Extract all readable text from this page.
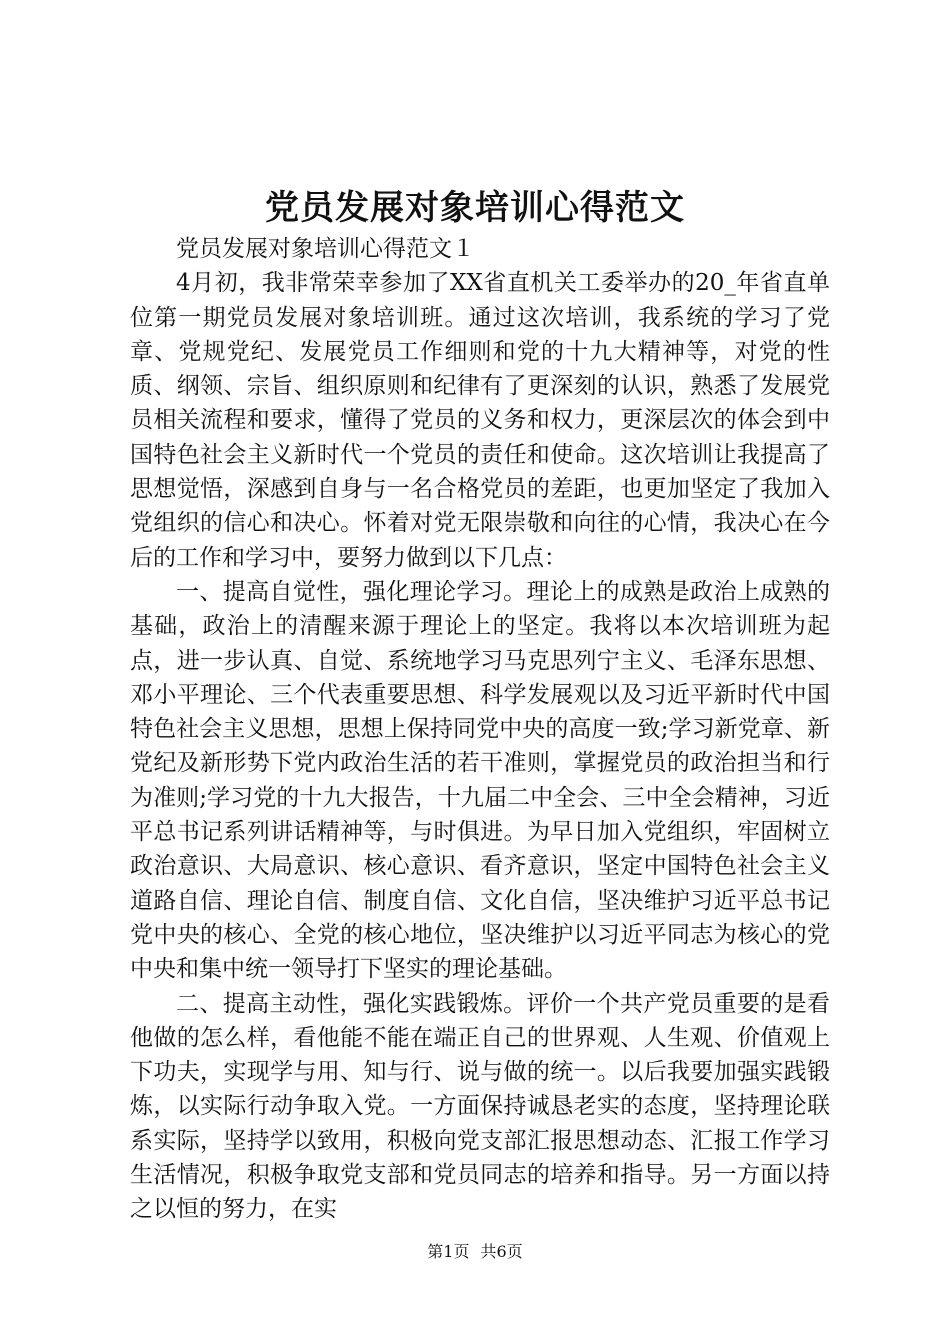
党员发展对象培训心得范文

党员发展对象培训心得范文１

4月初，我非常荣幸参加了XX省直机关工委举办的20_年省直单位第一期党员发展对象培训班。通过这次培训，我系统的学习了党章、党规党纪、发展党员工作细则和党的十九大精神等，对党的性质、纲领、宗旨、组织原则和纪律有了更深刻的认识，熟悉了发展党员相关流程和要求，懂得了党员的义务和权力，更深层次的体会到中国特色社会主义新时代一个党员的责任和使命。这次培训让我提高了思想觉悟，深感到自身与一名合格党员的差距，也更加坚定了我加入党组织的信心和决心。怀着对党无限崇敬和向往的心情，我决心在今后的工作和学习中，要努力做到以下几点：

一、提高自觉性，强化理论学习。理论上的成熟是政治上成熟的基础，政治上的清醒来源于理论上的坚定。我将以本次培训班为起点，进一步认真、自觉、系统地学习马克思列宁主义、毛泽东思想、邓小平理论、三个代表重要思想、科学发展观以及习近平新时代中国特色社会主义思想，思想上保持同党中央的高度一致;学习新党章、新党纪及新形势下党内政治生活的若干准则，掌握党员的政治担当和行为准则;学习党的十九大报告，十九届二中全会、三中全会精神，习近平总书记系列讲话精神等，与时俱进。为早日加入党组织，牢固树立政治意识、大局意识、核心意识、看齐意识，坚定中国特色社会主义道路自信、理论自信、制度自信、文化自信，坚决维护习近平总书记党中央的核心、全党的核心地位，坚决维护以习近平同志为核心的党中央和集中统一领导打下坚实的理论基础。

二、提高主动性，强化实践锻炼。评价一个共产党员重要的是看他做的怎么样，看他能不能在端正自己的世界观、人生观、价值观上下功夫，实现学与用、知与行、说与做的统一。以后我要加强实践锻炼，以实际行动争取入党。一方面保持诚恳老实的态度，坚持理论联系实际，坚持学以致用，积极向党支部汇报思想动态、汇报工作学习生活情况，积极争取党支部和党员同志的培养和指导。另一方面以持之以恒的努力，在实

第1页 共6页
